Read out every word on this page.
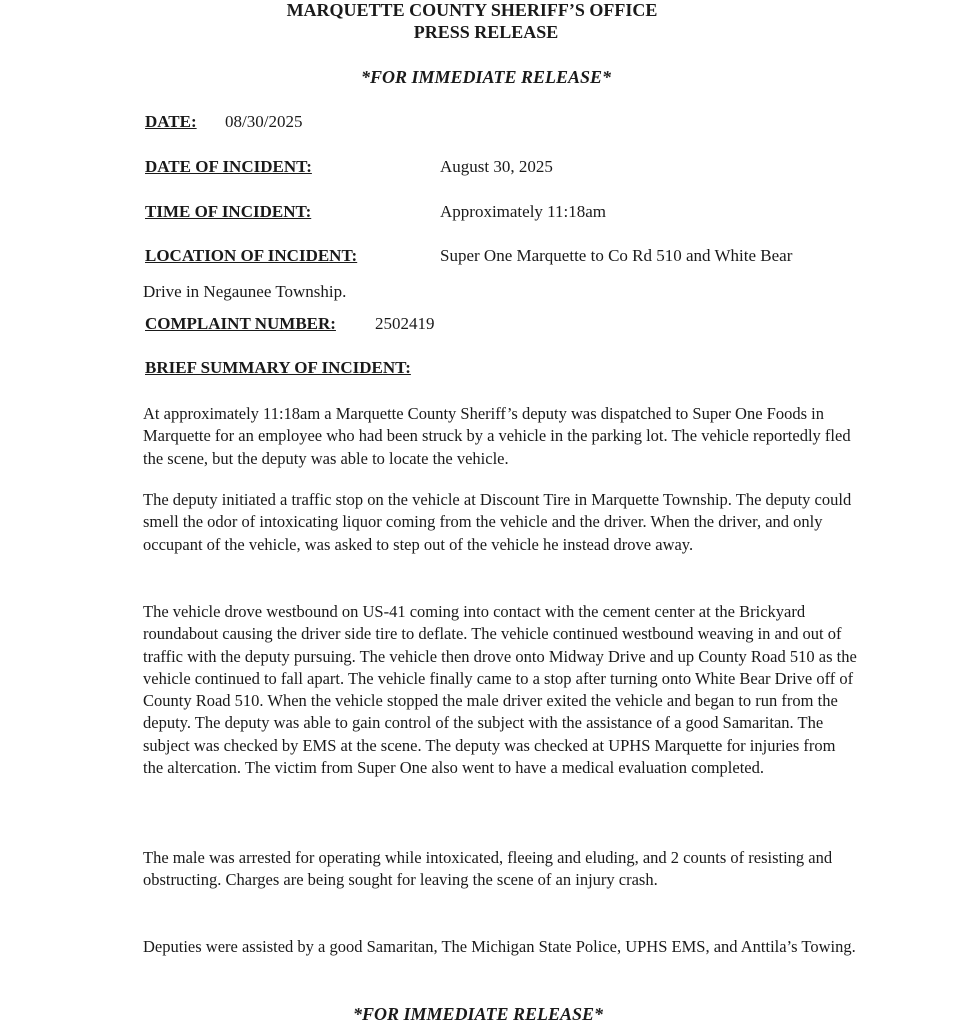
MARQUETTE COUNTY SHERIFF’S OFFICE
PRESS RELEASE
*FOR IMMEDIATE RELEASE*
DATE: 08/30/2025
DATE OF INCIDENT:	August 30, 2025
TIME OF INCIDENT:	Approximately 11:18am
LOCATION OF INCIDENT:	Super One Marquette to Co Rd 510 and White Bear
Drive in Negaunee Township.
COMPLAINT NUMBER: 2502419
BRIEF SUMMARY OF INCIDENT:
At approximately 11:18am a Marquette County Sheriff’s deputy was dispatched to Super One Foods in Marquette for an employee who had been struck by a vehicle in the parking lot. The vehicle reportedly fled the scene, but the deputy was able to locate the vehicle.
The deputy initiated a traffic stop on the vehicle at Discount Tire in Marquette Township. The deputy could smell the odor of intoxicating liquor coming from the vehicle and the driver. When the driver, and only occupant of the vehicle, was asked to step out of the vehicle he instead drove away.
The vehicle drove westbound on US-41 coming into contact with the cement center at the Brickyard roundabout causing the driver side tire to deflate. The vehicle continued westbound weaving in and out of traffic with the deputy pursuing. The vehicle then drove onto Midway Drive and up County Road 510 as the vehicle continued to fall apart. The vehicle finally came to a stop after turning onto White Bear Drive off of County Road 510. When the vehicle stopped the male driver exited the vehicle and began to run from the deputy. The deputy was able to gain control of the subject with the assistance of a good Samaritan. The subject was checked by EMS at the scene. The deputy was checked at UPHS Marquette for injuries from the altercation. The victim from Super One also went to have a medical evaluation completed.
The male was arrested for operating while intoxicated, fleeing and eluding, and 2 counts of resisting and obstructing. Charges are being sought for leaving the scene of an injury crash.
Deputies were assisted by a good Samaritan, The Michigan State Police, UPHS EMS, and Anttila’s Towing.
*FOR IMMEDIATE RELEASE*
